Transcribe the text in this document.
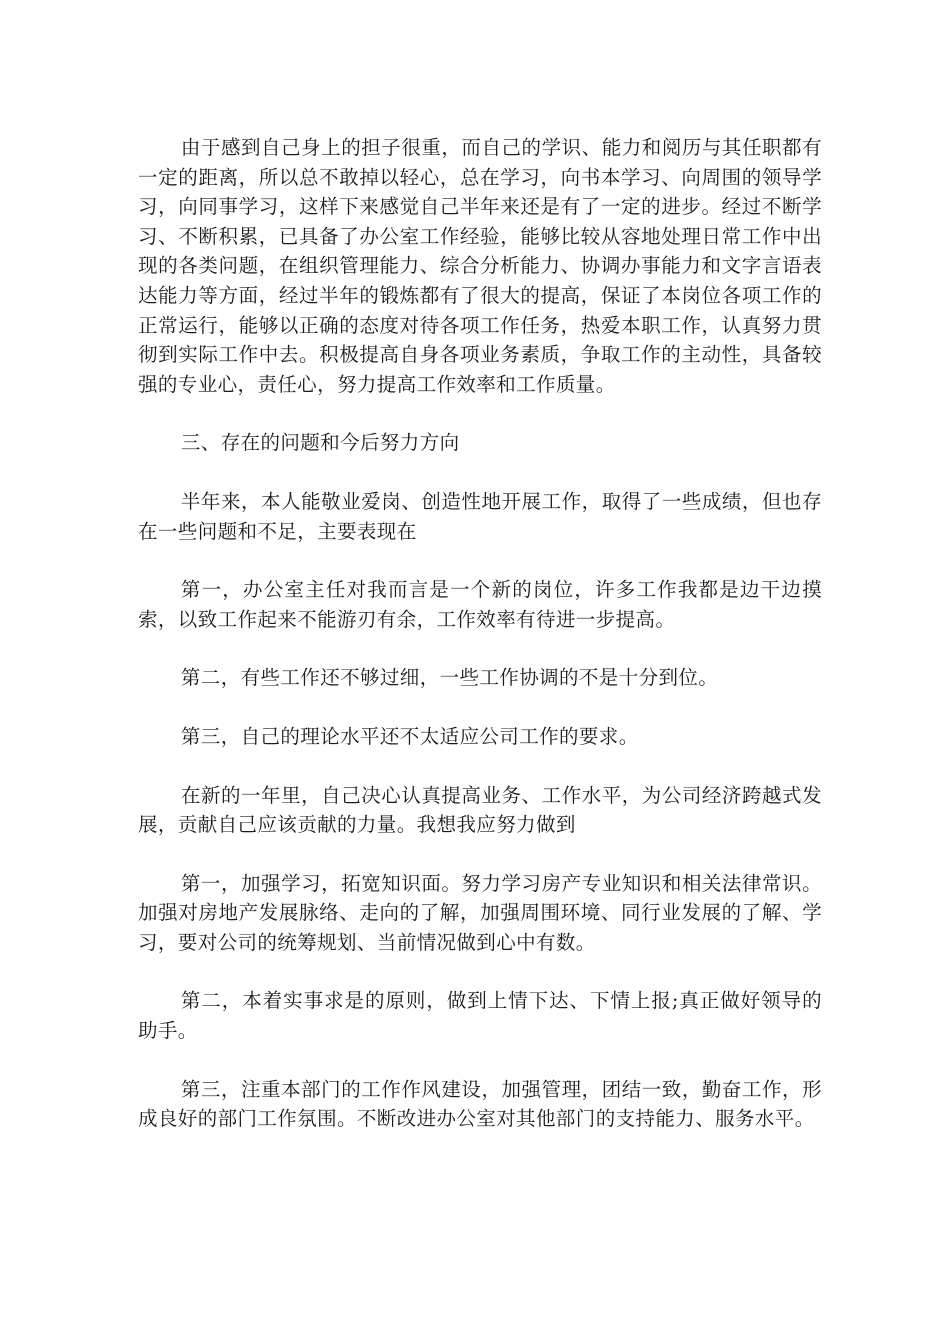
由于感到自己身上的担子很重，而自己的学识、能力和阅历与其任职都有一定的距离，所以总不敢掉以轻心，总在学习，向书本学习、向周围的领导学习，向同事学习，这样下来感觉自己半年来还是有了一定的进步。经过不断学习、不断积累，已具备了办公室工作经验，能够比较从容地处理日常工作中出现的各类问题，在组织管理能力、综合分析能力、协调办事能力和文字言语表达能力等方面，经过半年的锻炼都有了很大的提高，保证了本岗位各项工作的正常运行，能够以正确的态度对待各项工作任务，热爱本职工作，认真努力贯彻到实际工作中去。积极提高自身各项业务素质，争取工作的主动性，具备较强的专业心，责任心，努力提高工作效率和工作质量。

三、存在的问题和今后努力方向

半年来，本人能敬业爱岗、创造性地开展工作，取得了一些成绩，但也存在一些问题和不足，主要表现在

第一，办公室主任对我而言是一个新的岗位，许多工作我都是边干边摸索，以致工作起来不能游刃有余，工作效率有待进一步提高。

第二，有些工作还不够过细，一些工作协调的不是十分到位。

第三，自己的理论水平还不太适应公司工作的要求。

在新的一年里，自己决心认真提高业务、工作水平，为公司经济跨越式发展，贡献自己应该贡献的力量。我想我应努力做到

第一，加强学习，拓宽知识面。努力学习房产专业知识和相关法律常识。加强对房地产发展脉络、走向的了解，加强周围环境、同行业发展的了解、学习，要对公司的统筹规划、当前情况做到心中有数。

第二，本着实事求是的原则，做到上情下达、下情上报;真正做好领导的助手。

第三，注重本部门的工作作风建设，加强管理，团结一致，勤奋工作，形成良好的部门工作氛围。不断改进办公室对其他部门的支持能力、服务水平。
